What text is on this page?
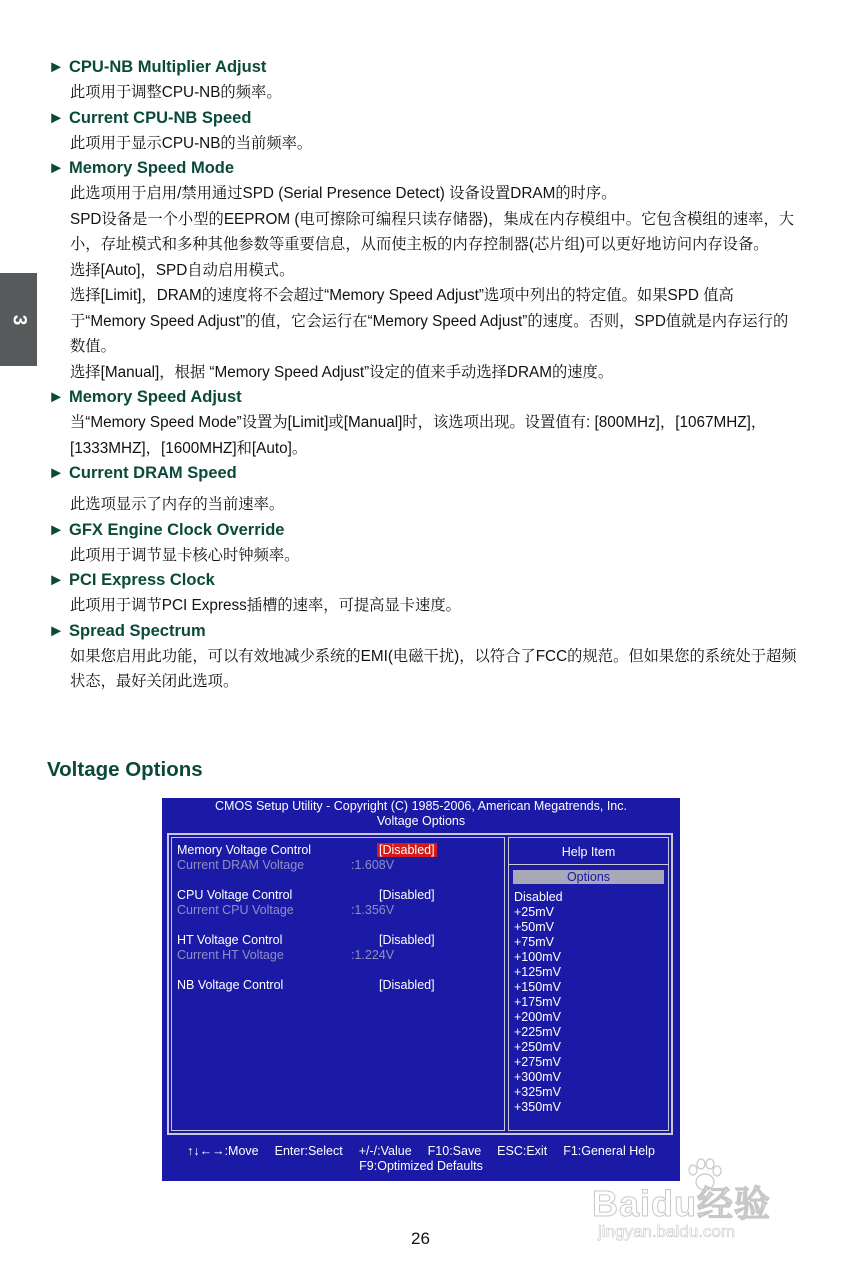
3
► CPU-NB Multiplier Adjust

此项用于调整CPU-NB的频率。

► Current CPU-NB Speed

此项用于显示CPU-NB的当前频率。

► Memory Speed Mode

此选项用于启用/禁用通过SPD (Serial Presence Detect) 设备设置DRAM的时序。

SPD设备是一个小型的EEPROM (电可擦除可编程只读存储器)，集成在内存模组中。它包含模组的速率，大小，存址模式和多种其他参数等重要信息，从而使主板的内存控制器(芯片组)可以更好地访问内存设备。

选择[Auto]，SPD自动启用模式。

选择[Limit]，DRAM的速度将不会超过“Memory Speed Adjust”选项中列出的特定值。如果SPD 值高于“Memory Speed Adjust”的值，它会运行在“Memory Speed Adjust”的速度。否则，SPD值就是内存运行的数值。

选择[Manual]，根据 “Memory Speed Adjust”设定的值来手动选择DRAM的速度。

► Memory Speed Adjust

当“Memory Speed Mode”设置为[Limit]或[Manual]时，该选项出现。设置值有: [800MHz]，[1067MHZ]，[1333MHZ]，[1600MHZ]和[Auto]。

► Current DRAM Speed

此选项显示了内存的当前速率。

► GFX Engine Clock Override

此项用于调节显卡核心时钟频率。

► PCI Express Clock

此项用于调节PCI Express插槽的速率，可提高显卡速度。

► Spread Spectrum

如果您启用此功能，可以有效地减少系统的EMI(电磁干扰)，以符合了FCC的规范。但如果您的系统处于超频状态，最好关闭此选项。

Voltage Options
CMOS Setup Utility - Copyright (C) 1985-2006, American Megatrends, Inc.
Voltage Options
Memory Voltage Control	[Disabled]
Current DRAM Voltage	:1.608V
CPU Voltage Control	[Disabled]
Current CPU Voltage	:1.356V
HT Voltage Control	[Disabled]
Current HT Voltage	:1.224V
NB Voltage Control	[Disabled]
Help Item
Options
Disabled
+25mV
+50mV
+75mV
+100mV
+125mV
+150mV
+175mV
+200mV
+225mV
+250mV
+275mV
+300mV
+325mV
+350mV
↑↓←→:Move Enter:Select +/-/:Value F10:Save ESC:Exit F1:General Help
F9:Optimized Defaults
26
Baidu经验
jingyan.baidu.com
